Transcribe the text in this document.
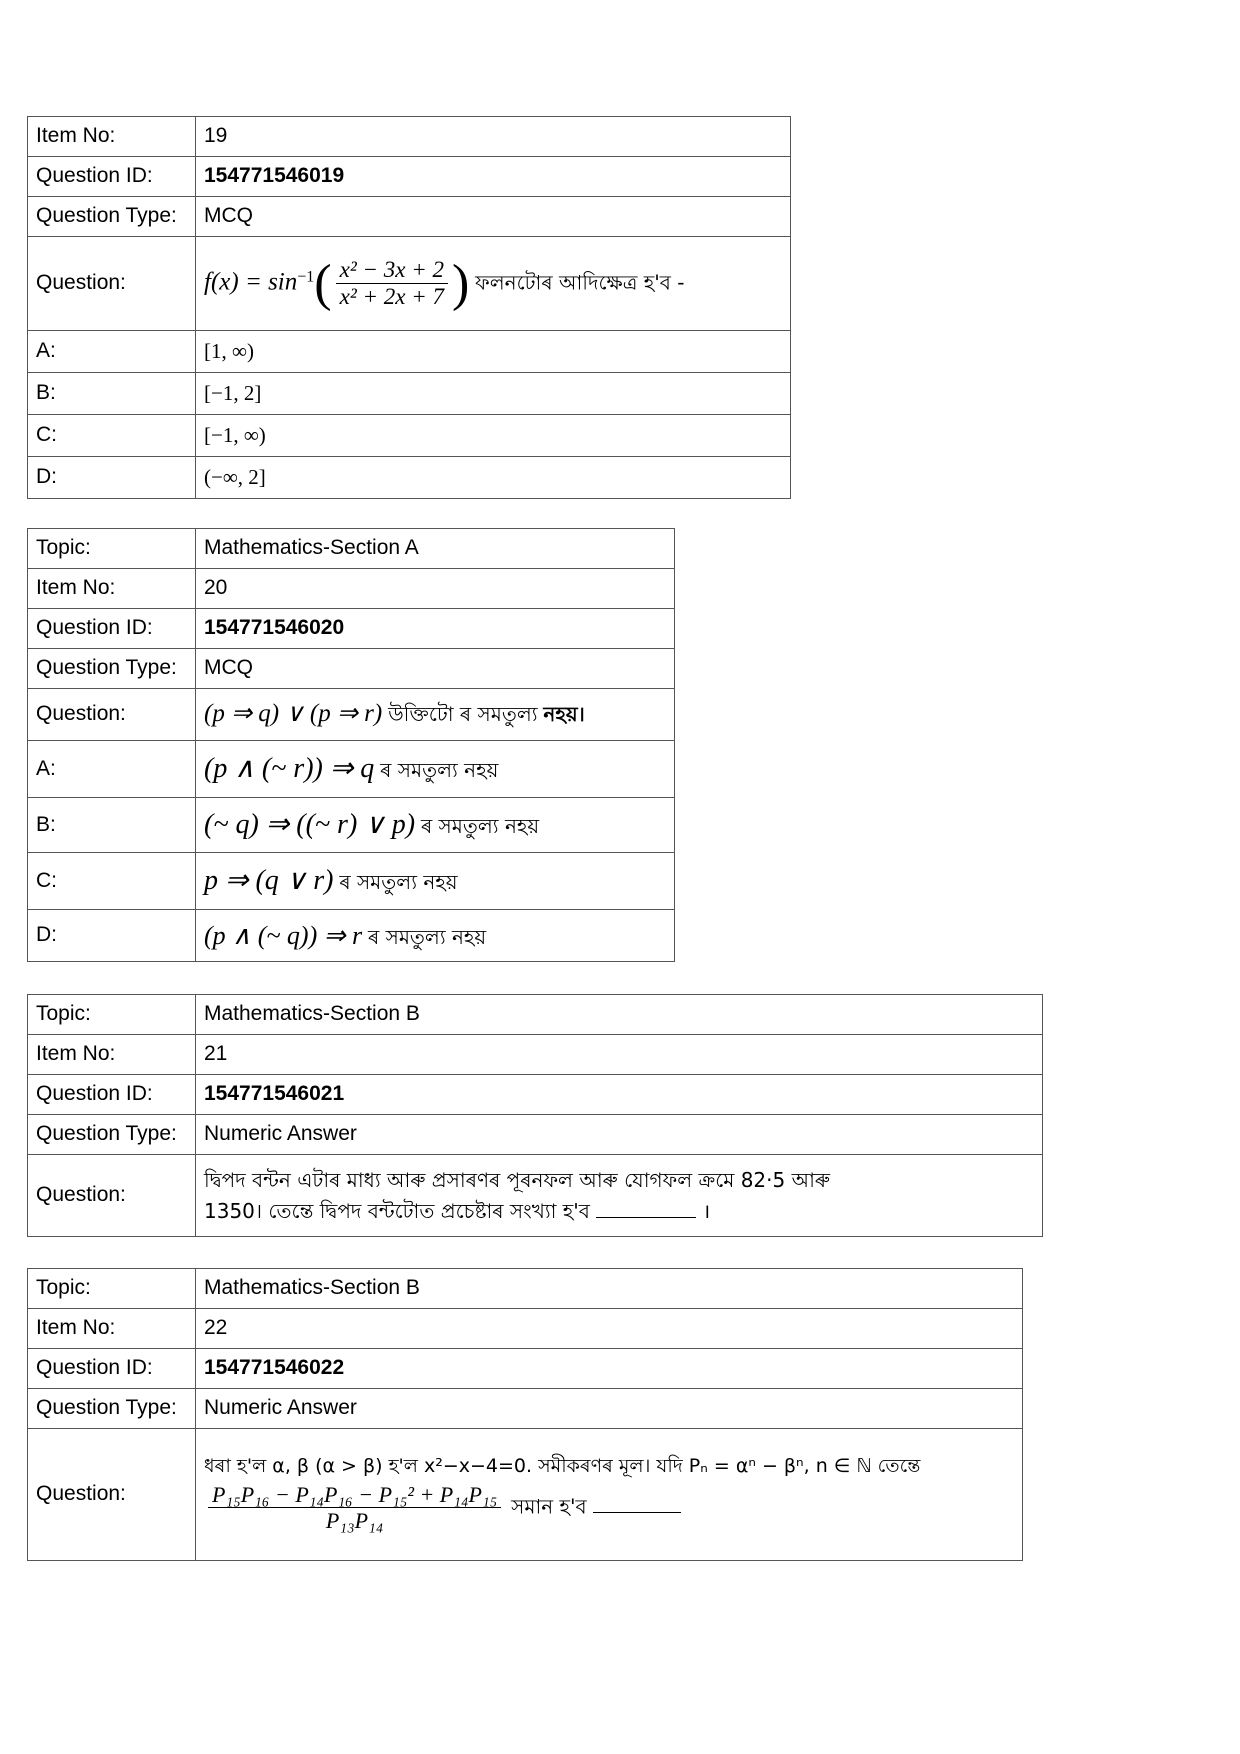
Item No:	19
Question ID:	154771546019
Question Type:	MCQ
Question:	$f(x) = \sin^{-1}( \frac{\text{x² − 3x + 2}}{\text{x² + 2x + 7}}$ ) ফলনটোৰ আদিক্ষেত্ৰ হ'ব -
A:	[1, ∞)
B:	[−1, 2]
C:	[−1, ∞)
D:	(−∞, 2]
Topic:	Mathematics-Section A
Item No:	20
Question ID:	154771546020
Question Type:	MCQ
Question:	(p ⇒ q) ∨ (p ⇒ r) উক্তিটো ৰ সমতুল্য নহয়।
A:	(p ∧ (~ r)) ⇒ q ৰ সমতুল্য নহয়
B:	(~ q) ⇒ ((~ r) ∨ p) ৰ সমতুল্য নহয়
C:	p ⇒ (q ∨ r) ৰ সমতুল্য নহয়
D:	(p ∧ (~ q)) ⇒ r ৰ সমতুল্য নহয়
Topic:	Mathematics-Section B
Item No:	21
Question ID:	154771546021
Question Type:	Numeric Answer
Question:	দ্বিপদ বন্টন এটাৰ মাধ্য আৰু প্ৰসাৰণৰ পূৰনফল আৰু যোগফল ক্ৰমে 82·5 আৰু
1350। তেন্তে দ্বিপদ বন্টটোত প্ৰচেষ্টাৰ সংখ্যা হ'ব ।
Topic:	Mathematics-Section B
Item No:	22
Question ID:	154771546022
Question Type:	Numeric Answer
Question:	ধৰা হ'ল α, β (α > β) হ'ল x²−x−4=0. সমীকৰণৰ মূল। যদি Pₙ = αⁿ − βⁿ, n ∈ ℕ তেন্তে
$\frac{\text{P₁₅P₁₆ − P₁₄P₁₆ − P₁₅² + P₁₄P₁₅}}{\text{P₁₃P₁₄}}$ সমান হ'ব
